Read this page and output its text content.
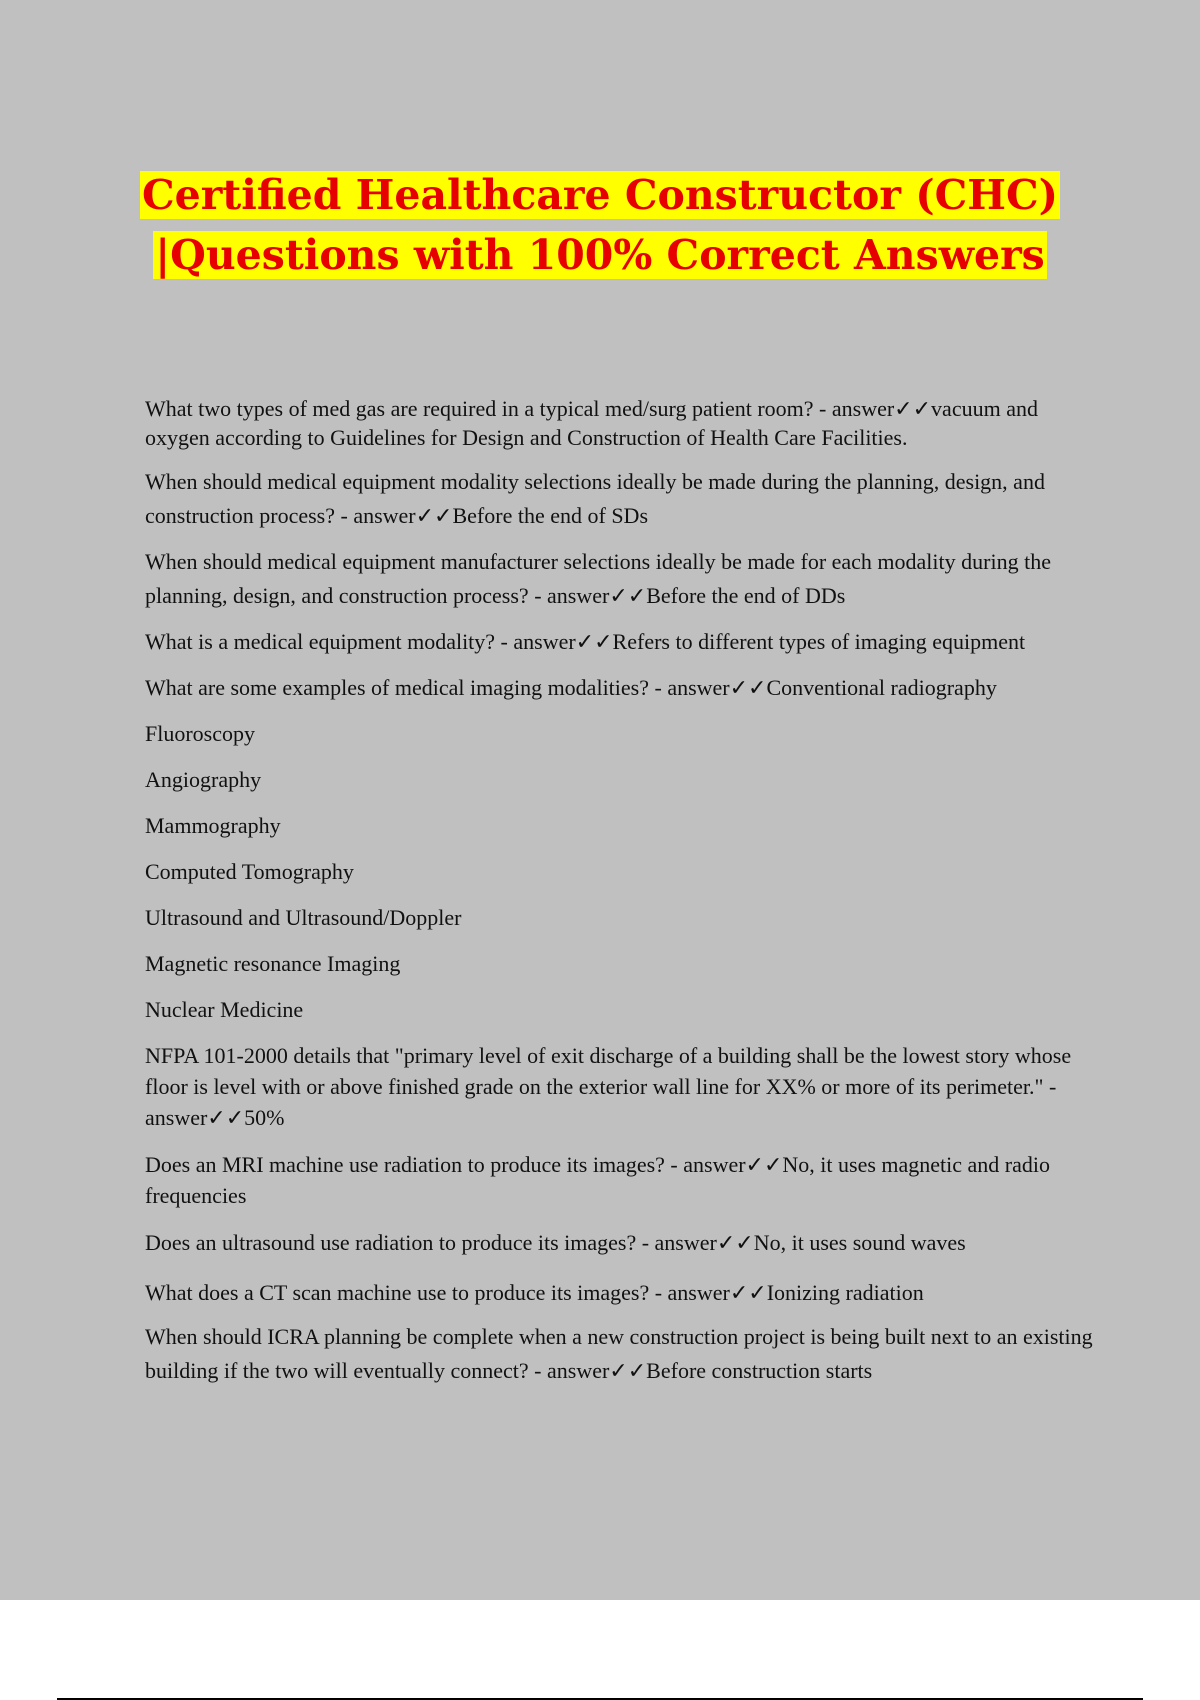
Certified Healthcare Constructor (CHC)
|Questions with 100% Correct Answers
What two types of med gas are required in a typical med/surg patient room? - answer✓✓vacuum and oxygen according to Guidelines for Design and Construction of Health Care Facilities.
When should medical equipment modality selections ideally be made during the planning, design, and construction process? - answer✓✓Before the end of SDs
When should medical equipment manufacturer selections ideally be made for each modality during the planning, design, and construction process? - answer✓✓Before the end of DDs
What is a medical equipment modality? - answer✓✓Refers to different types of imaging equipment
What are some examples of medical imaging modalities? - answer✓✓Conventional radiography
Fluoroscopy
Angiography
Mammography
Computed Tomography
Ultrasound and Ultrasound/Doppler
Magnetic resonance Imaging
Nuclear Medicine
NFPA 101-2000 details that "primary level of exit discharge of a building shall be the lowest story whose floor is level with or above finished grade on the exterior wall line for XX% or more of its perimeter." - answer✓✓50%
Does an MRI machine use radiation to produce its images? - answer✓✓No, it uses magnetic and radio frequencies
Does an ultrasound use radiation to produce its images? - answer✓✓No, it uses sound waves
What does a CT scan machine use to produce its images? - answer✓✓Ionizing radiation
When should ICRA planning be complete when a new construction project is being built next to an existing building if the two will eventually connect? - answer✓✓Before construction starts
